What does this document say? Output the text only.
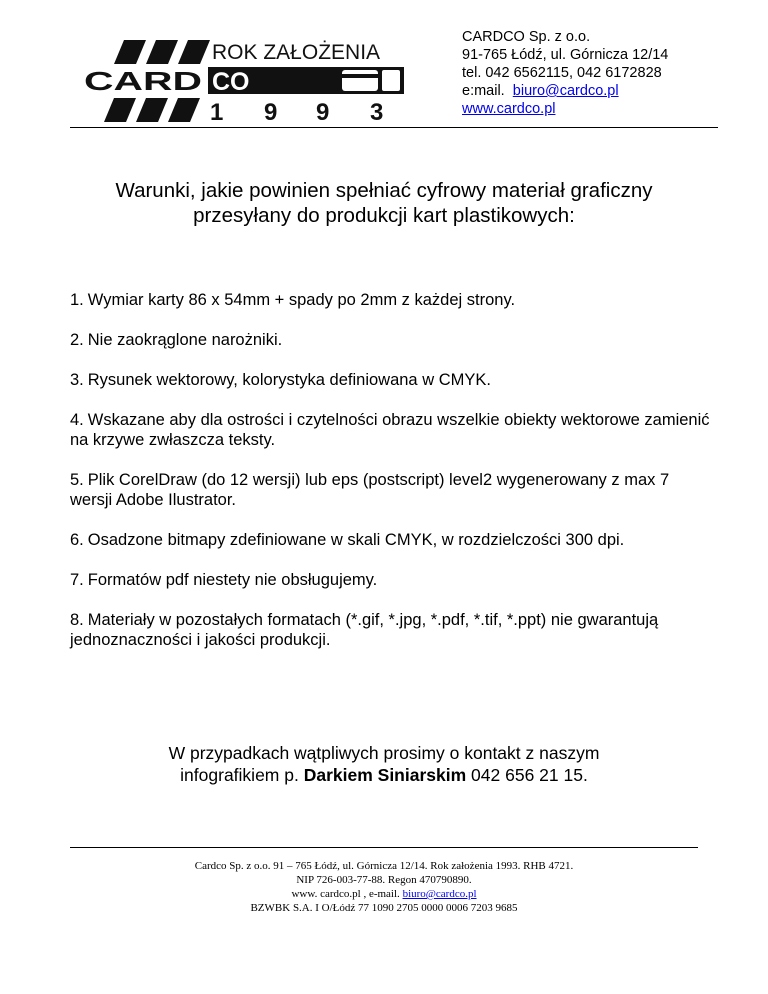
ROK ZAŁOŻENIA
CARD CO
1 9 9 3
CARDCO Sp. z o.o.
91-765 Łódź, ul. Górnicza 12/14
tel. 042 6562115, 042 6172828
e:mail. biuro@cardco.pl
www.cardco.pl
Warunki, jakie powinien spełniać cyfrowy materiał graficzny
przesyłany do produkcji kart plastikowych:
1. Wymiar karty 86 x 54mm + spady po 2mm z każdej strony.
2. Nie zaokrąglone narożniki.
3. Rysunek wektorowy, kolorystyka definiowana w CMYK.
4. Wskazane aby dla ostrości i czytelności obrazu wszelkie obiekty wektorowe zamienić na krzywe zwłaszcza teksty.
5. Plik CorelDraw (do 12 wersji) lub eps (postscript) level2 wygenerowany z max 7 wersji Adobe Ilustrator.
6. Osadzone bitmapy zdefiniowane w skali CMYK, w rozdzielczości 300 dpi.
7. Formatów pdf niestety nie obsługujemy.
8. Materiały w pozostałych formatach (*.gif, *.jpg, *.pdf, *.tif, *.ppt) nie gwarantują jednoznaczności i jakości produkcji.
W przypadkach wątpliwych prosimy o kontakt z naszym
infografikiem p. Darkiem Siniarskim 042 656 21 15.
Cardco Sp. z o.o. 91 – 765 Łódź, ul. Górnicza 12/14. Rok założenia 1993. RHB 4721.
NIP 726-003-77-88. Regon 470790890.
www. cardco.pl , e-mail. biuro@cardco.pl
BZWBK S.A. I O/Łódź 77 1090 2705 0000 0006 7203 9685
